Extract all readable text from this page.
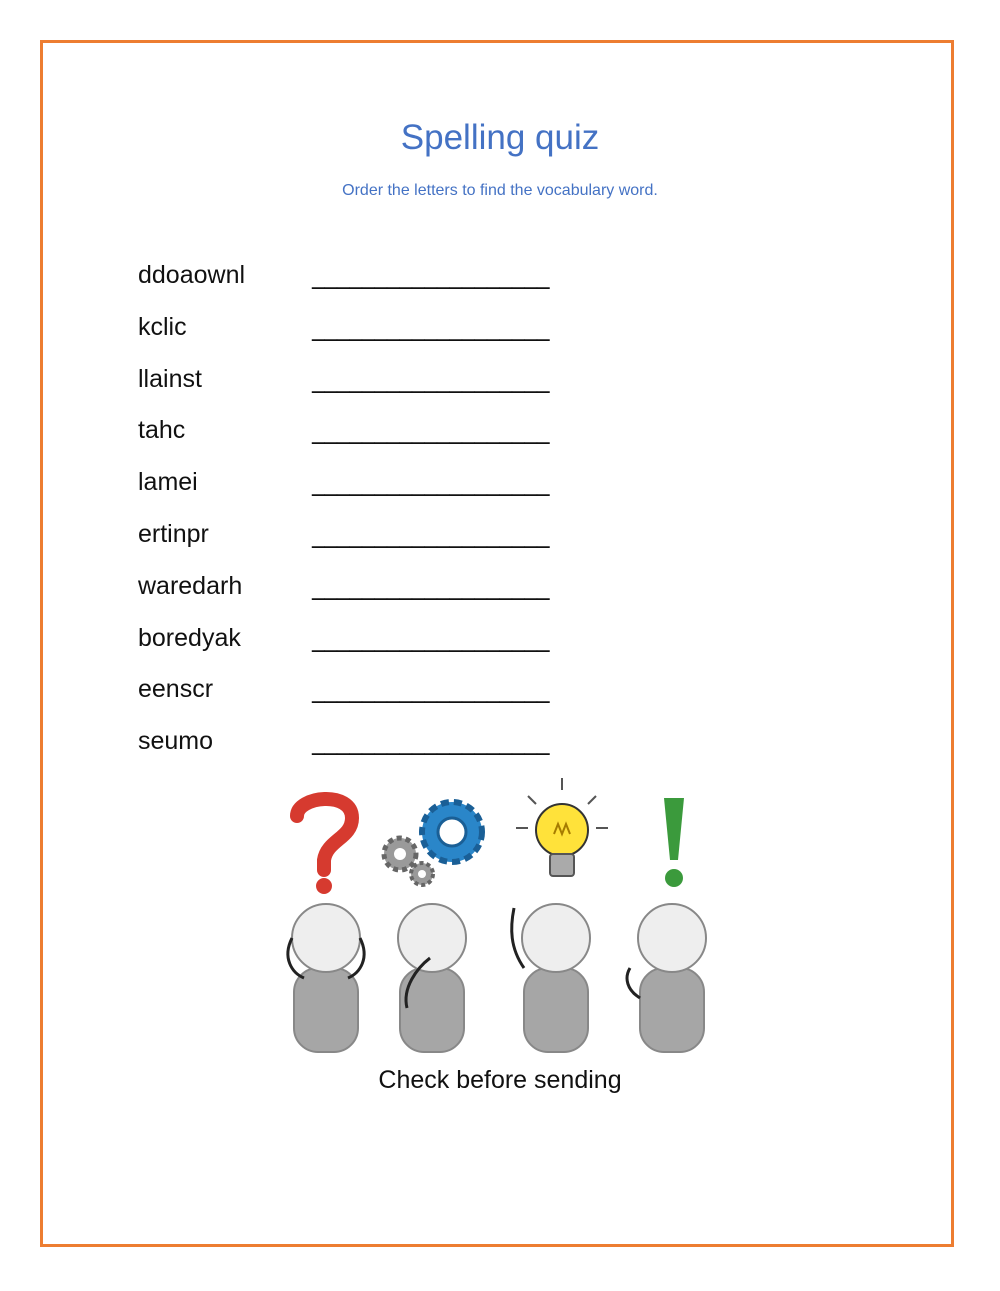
Spelling quiz
Order the letters to find the vocabulary word.
ddoaownl	___________________
kclic	___________________
llainst	___________________
tahc	___________________
lamei	___________________
ertinpr	___________________
waredarh	___________________
boredyak	___________________
eenscr	___________________
seumo	___________________
Check before sending
